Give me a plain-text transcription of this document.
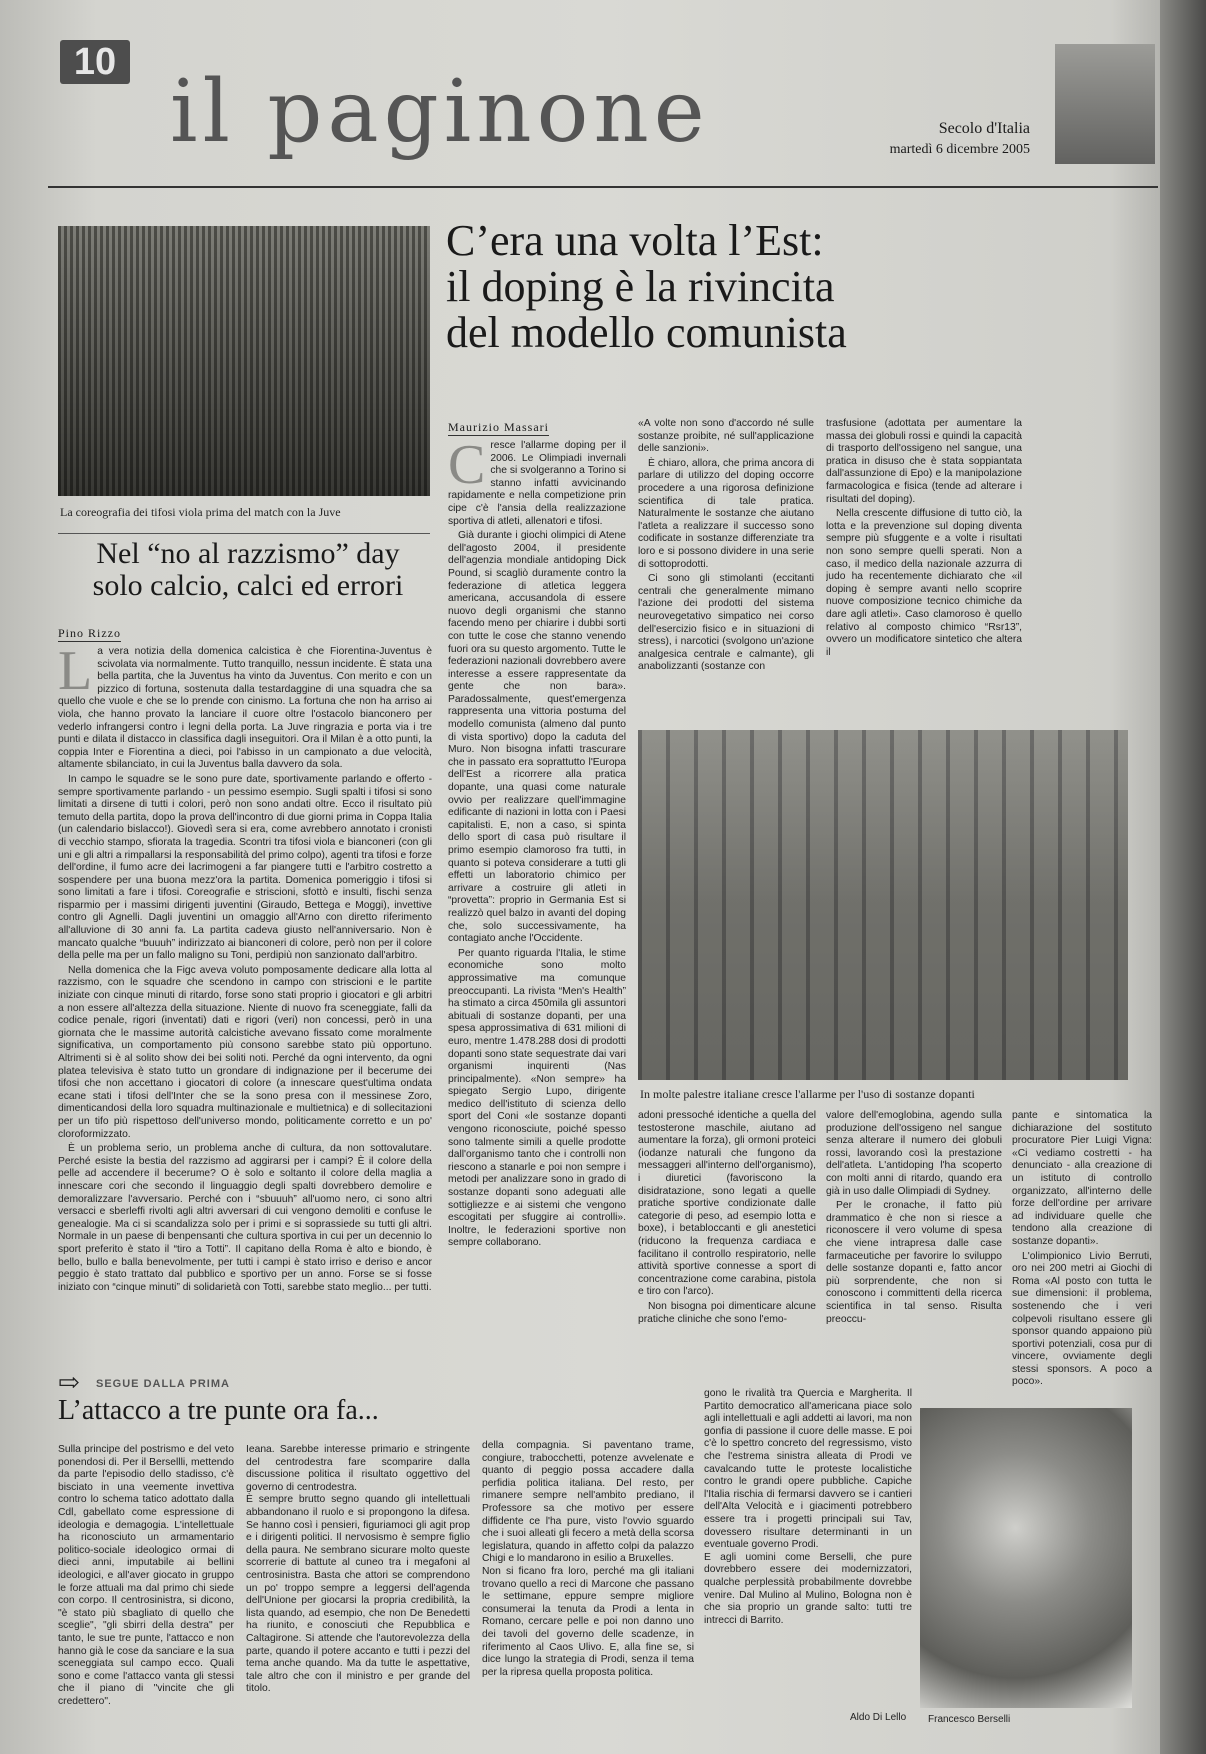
10 il paginone	Secolo d'Italia
martedì 6 dicembre 2005
La coreografia dei tifosi viola prima del match con la Juve
Nel “no al razzismo” day
solo calcio, calci ed errori
Pino Rizzo
L a vera notizia della domenica calcistica è che Fiorentina-Juventus è scivolata via normalmente. Tutto tranquillo, nessun incidente. È stata una bella partita, che la Juventus ha vinto da Juventus. Con merito e con un pizzico di fortuna, sostenuta dalla testardaggine di una squadra che sa quello che vuole e che se lo prende con cinismo. La fortuna che non ha arriso ai viola, che hanno provato la lanciare il cuore oltre l'ostacolo bianconero per vederlo infrangersi contro i legni della porta. La Juve ringrazia e porta via i tre punti e dilata il distacco in classifica dagli inseguitori. Ora il Milan è a otto punti, la coppia Inter e Fiorentina a dieci, poi l'abisso in un campionato a due velocità, altamente sbilanciato, in cui la Juventus balla davvero da sola.

In campo le squadre se le sono pure date, sportivamente parlando e offerto - sempre sportivamente parlando - un pessimo esempio. Sugli spalti i tifosi si sono limitati a dirsene di tutti i colori, però non sono andati oltre. Ecco il risultato più temuto della partita, dopo la prova dell'incontro di due giorni prima in Coppa Italia (un calendario bislacco!). Giovedì sera si era, come avrebbero annotato i cronisti di vecchio stampo, sfiorata la tragedia. Scontri tra tifosi viola e bianconeri (con gli uni e gli altri a rimpallarsi la responsabilità del primo colpo), agenti tra tifosi e forze dell'ordine, il fumo acre dei lacrimogeni a far piangere tutti e l'arbitro costretto a sospendere per una buona mezz'ora la partita. Domenica pomeriggio i tifosi si sono limitati a fare i tifosi. Coreografie e striscioni, sfottò e insulti, fischi senza risparmio per i massimi dirigenti juventini (Giraudo, Bettega e Moggi), invettive contro gli Agnelli. Dagli juventini un omaggio all'Arno con diretto riferimento all'alluvione di 30 anni fa. La partita cadeva giusto nell'anniversario. Non è mancato qualche “buuuh” indirizzato ai bianconeri di colore, però non per il colore della pelle ma per un fallo maligno su Toni, perdipiù non sanzionato dall'arbitro.

Nella domenica che la Figc aveva voluto pomposamente dedicare alla lotta al razzismo, con le squadre che scendono in campo con striscioni e le partite iniziate con cinque minuti di ritardo, forse sono stati proprio i giocatori e gli arbitri a non essere all'altezza della situazione. Niente di nuovo fra sceneggiate, falli da codice penale, rigori (inventati) dati e rigori (veri) non concessi, però in una giornata che le massime autorità calcistiche avevano fissato come moralmente significativa, un comportamento più consono sarebbe stato più opportuno. Altrimenti si è al solito show dei bei soliti noti. Perché da ogni intervento, da ogni platea televisiva è stato tutto un grondare di indignazione per il becerume dei tifosi che non accettano i giocatori di colore (a innescare quest'ultima ondata ecane stati i tifosi dell'Inter che se la sono presa con il messinese Zoro, dimenticandosi della loro squadra multinazionale e multietnica) e di sollecitazioni per un tifo più rispettoso dell'universo mondo, politicamente corretto e un po' cloroformizzato.

È un problema serio, un problema anche di cultura, da non sottovalutare. Perché esiste la bestia del razzismo ad aggirarsi per i campi? È il colore della pelle ad accendere il becerume? O è solo e soltanto il colore della maglia a innescare cori che secondo il linguaggio degli spalti dovrebbero demolire e demoralizzare l'avversario. Perché con i “sbuuuh” all'uomo nero, ci sono altri versacci e sberleffi rivolti agli altri avversari di cui vengono demoliti e confuse le genealogie. Ma ci si scandalizza solo per i primi e si soprassiede su tutti gli altri. Normale in un paese di benpensanti che cultura sportiva in cui per un decennio lo sport preferito è stato il “tiro a Totti”. Il capitano della Roma è alto e biondo, è bello, bullo e balla benevolmente, per tutti i campi è stato irriso e deriso e ancor peggio è stato trattato dal pubblico e sportivo per un anno. Forse se si fosse iniziato con “cinque minuti” di solidarietà con Totti, sarebbe stato meglio... per tutti.

C’era una volta l’Est:
il doping è la rivincita
del modello comunista
Maurizio Massari
C resce l'allarme doping per il 2006. Le Olimpiadi invernali che si svolgeranno a Torino si stanno infatti avvicinando rapidamente e nella competizione prin cipe c'è l'ansia della realizzazione sportiva di atleti, allenatori e tifosi.

Già durante i giochi olimpici di Atene dell'agosto 2004, il presidente dell'agenzia mondiale antidoping Dick Pound, si scagliò duramente contro la federazione di atletica leggera americana, accusandola di essere nuovo degli organismi che stanno facendo meno per chiarire i dubbi sorti con tutte le cose che stanno venendo fuori ora su questo argomento. Tutte le federazioni nazionali dovrebbero avere interesse a essere rappresentate da gente che non bara». Paradossalmente, quest'emergenza rappresenta una vittoria postuma del modello comunista (almeno dal punto di vista sportivo) dopo la caduta del Muro. Non bisogna infatti trascurare che in passato era soprattutto l'Europa dell'Est a ricorrere alla pratica dopante, una quasi come naturale ovvio per realizzare quell'immagine edificante di nazioni in lotta con i Paesi capitalisti. E, non a caso, si spinta dello sport di casa può risultare il primo esempio clamoroso fra tutti, in quanto si poteva considerare a tutti gli effetti un laboratorio chimico per arrivare a costruire gli atleti in “provetta”: proprio in Germania Est si realizzò quel balzo in avanti del doping che, solo successivamente, ha contagiato anche l'Occidente.

Per quanto riguarda l'Italia, le stime economiche sono molto approssimative ma comunque preoccupanti. La rivista “Men's Health” ha stimato a circa 450mila gli assuntori abituali di sostanze dopanti, per una spesa approssimativa di 631 milioni di euro, mentre 1.478.288 dosi di prodotti dopanti sono state sequestrate dai vari organismi inquirenti (Nas principalmente). «Non sempre» ha spiegato Sergio Lupo, dirigente medico dell'istituto di scienza dello sport del Coni «le sostanze dopanti vengono riconosciute, poiché spesso sono talmente simili a quelle prodotte dall'organismo tanto che i controlli non riescono a stanarle e poi non sempre i metodi per analizzare sono in grado di sostanze dopanti sono adeguati alle sottigliezze e ai sistemi che vengono escogitati per sfuggire ai controlli». Inoltre, le federazioni sportive non sempre collaborano.

«A volte non sono d'accordo né sulle sostanze proibite, né sull'applicazione delle sanzioni».

È chiaro, allora, che prima ancora di parlare di utilizzo del doping occorre procedere a una rigorosa definizione scientifica di tale pratica. Naturalmente le sostanze che aiutano l'atleta a realizzare il successo sono codificate in sostanze differenziate tra loro e si possono dividere in una serie di sottoprodotti.

Ci sono gli stimolanti (eccitanti centrali che generalmente mimano l'azione dei prodotti del sistema neurovegetativo simpatico nei corso dell'esercizio fisico e in situazioni di stress), i narcotici (svolgono un'azione analgesica centrale e calmante), gli anabolizzanti (sostanze con

trasfusione (adottata per aumentare la massa dei globuli rossi e quindi la capacità di trasporto dell'ossigeno nel sangue, una pratica in disuso che è stata soppiantata dall'assunzione di Epo) e la manipolazione farmacologica e fisica (tende ad alterare i risultati del doping).

Nella crescente diffusione di tutto ciò, la lotta e la prevenzione sul doping diventa sempre più sfuggente e a volte i risultati non sono sempre quelli sperati. Non a caso, il medico della nazionale azzurra di judo ha recentemente dichiarato che «il doping è sempre avanti nello scoprire nuove composizione tecnico chimiche da dare agli atleti». Caso clamoroso è quello relativo al composto chimico “Rsr13”, ovvero un modificatore sintetico che altera il

In molte palestre italiane cresce l'allarme per l'uso di sostanze dopanti

adoni pressoché identiche a quella del testosterone maschile, aiutano ad aumentare la forza), gli ormoni proteici (iodanze naturali che fungono da messaggeri all'interno dell'organismo), i diuretici (favoriscono la disidratazione, sono legati a quelle pratiche sportive condizionate dalle categorie di peso, ad esempio lotta e boxe), i betabloccanti e gli anestetici (riducono la frequenza cardiaca e facilitano il controllo respiratorio, nelle attività sportive connesse a sport di concentrazione come carabina, pistola e tiro con l'arco).

Non bisogna poi dimenticare alcune pratiche cliniche che sono l'emo-

valore dell'emoglobina, agendo sulla produzione dell'ossigeno nel sangue senza alterare il numero dei globuli rossi, lavorando così la prestazione dell'atleta. L'antidoping l'ha scoperto con molti anni di ritardo, quando era già in uso dalle Olimpiadi di Sydney.

Per le cronache, il fatto più drammatico è che non si riesce a riconoscere il vero volume di spesa che viene intrapresa dalle case farmaceutiche per favorire lo sviluppo delle sostanze dopanti e, fatto ancor più sorprendente, che non si conoscono i committenti della ricerca scientifica in tal senso. Risulta preoccu-

pante e sintomatica la dichiarazione del sostituto procuratore Pier Luigi Vigna: «Ci vediamo costretti - ha denunciato - alla creazione di un istituto di controllo organizzato, all'interno delle forze dell'ordine per arrivare ad individuare quelle che tendono alla creazione di sostanze dopanti».

L'olimpionico Livio Berruti, oro nei 200 metri ai Giochi di Roma «Al posto con tutta le sue dimensioni: il problema, sostenendo che i veri colpevoli risultano essere gli sponsor quando appaiono più sportivi potenziali, cosa pur di vincere, ovviamente degli stessi sponsors. A poco a poco».

⇨ SEGUE DALLA PRIMA
L’attacco a tre punte ora fa...

Sulla principe del postrismo e del veto ponendosi di. Per il Bersellli, mettendo da parte l'episodio dello stadisso, c'è bisciato in una veemente invettiva contro lo schema tatico adottato dalla Cdl, gabellato come espressione di ideologia e demagogia. L'intellettuale ha riconosciuto un armamentario politico-sociale ideologico ormai di dieci anni, imputabile ai bellini ideologici, e all'aver giocato in gruppo le forze attuali ma dal primo chi siede con corpo. Il centrosinistra, si dicono, "è stato più sbagliato di quello che sceglie", "gli sbirri della destra" per tanto, le sue tre punte, l'attacco e non hanno già le cose da sanciare e la sua sceneggiata sul campo ecco. Quali sono e come l'attacco vanta gli stessi che il piano di "vincite che gli credettero".

Ieana. Sarebbe interesse primario e stringente del centrodestra fare scomparire dalla discussione politica il risultato oggettivo del governo di centrodestra.
È sempre brutto segno quando gli intellettuali abbandonano il ruolo e si propongono la difesa. Se hanno così i pensieri, figuriamoci gli agit prop e i dirigenti politici. Il nervosismo è sempre figlio della paura. Ne sembrano sicurare molto queste scorrerie di battute al cuneo tra i megafoni al centrosinistra. Basta che attori se comprendono un po' troppo sempre a leggersi dell'agenda dell'Unione per giocarsi la propria credibilità, la lista quando, ad esempio, che non De Benedetti ha riunito, e conosciuti che Repubblica e Caltagirone. Si attende che l'autorevolezza della parte, quando il potere accanto e tutti i pezzi del tema anche quando. Ma da tutte le aspettative, tale altro che con il ministro e per grande del titolo.

della compagnia. Si paventano trame, congiure, trabocchetti, potenze avvelenate e quanto di peggio possa accadere dalla perfidia politica italiana. Del resto, per rimanere sempre nell'ambito prediano, il Professore sa che motivo per essere diffidente ce l'ha pure, visto l'ovvio sguardo che i suoi alleati gli fecero a metà della scorsa legislatura, quando in affetto colpi da palazzo Chigi e lo mandarono in esilio a Bruxelles.
Non si ficano fra loro, perché ma gli italiani trovano quello a reci di Marcone che passano le settimane, eppure sempre migliore consumerai la tenuta da Prodi a lenta in Romano, cercare pelle e poi non danno uno dei tavoli del governo delle scadenze, in riferimento al Caos Ulivo. E, alla fine se, si dice lungo la strategia di Prodi, senza il tema per la ripresa quella proposta politica.

gono le rivalità tra Quercia e Margherita. Il Partito democratico all'americana piace solo agli intellettuali e agli addetti ai lavori, ma non gonfia di passione il cuore delle masse. E poi c'è lo spettro concreto del regressismo, visto che l'estrema sinistra alleata di Prodi ve cavalcando tutte le proteste localistiche contro le grandi opere pubbliche. Capiche l'Italia rischia di fermarsi davvero se i cantieri dell'Alta Velocità e i giacimenti potrebbero essere tra i progetti principali sui Tav, dovessero risultare determinanti in un eventuale governo Prodi.
E agli uomini come Berselli, che pure dovrebbero essere dei modernizzatori, qualche perplessità probabilmente dovrebbe venire. Dal Mulino al Mulino, Bologna non è che sia proprio un grande salto: tutti tre intrecci di Barrito.

Aldo Di Lello Francesco Berselli
